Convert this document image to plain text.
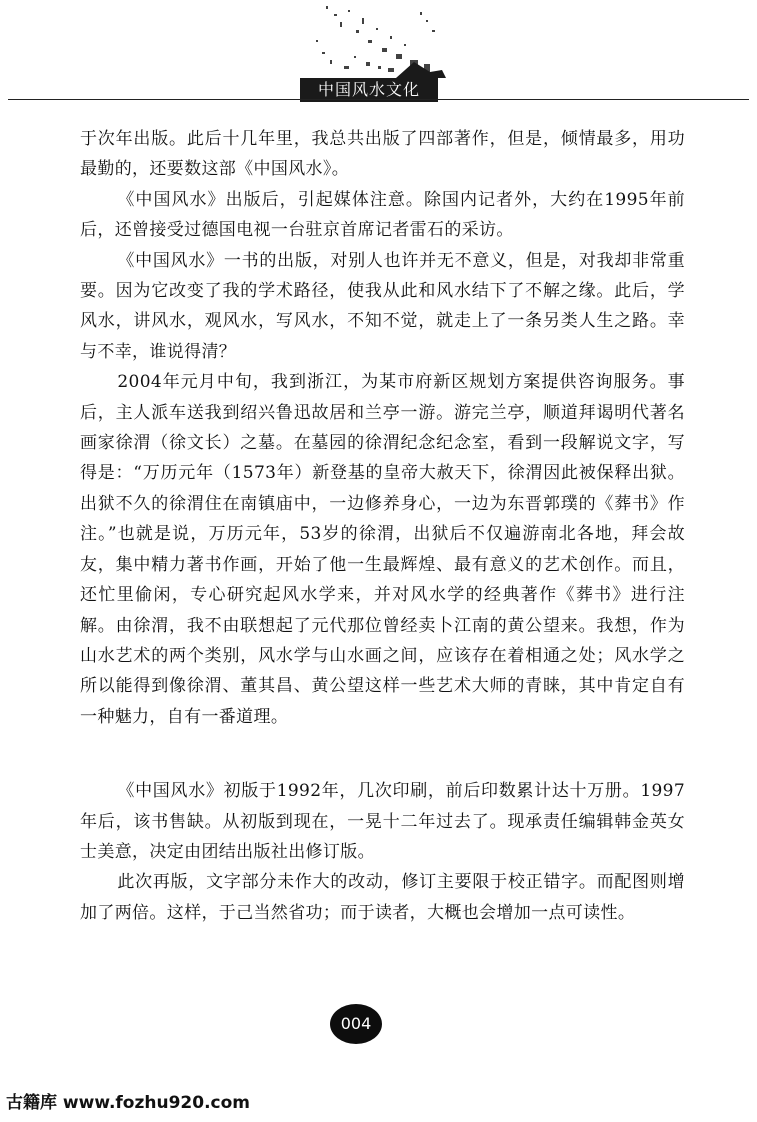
中国风水文化

于次年出版。此后十几年里，我总共出版了四部著作，但是，倾情最多，用功最勤的，还要数这部《中国风水》。

《中国风水》出版后，引起媒体注意。除国内记者外，大约在1995年前后，还曾接受过德国电视一台驻京首席记者雷石的采访。

《中国风水》一书的出版，对别人也许并无不意义，但是，对我却非常重要。因为它改变了我的学术路径，使我从此和风水结下了不解之缘。此后，学风水，讲风水，观风水，写风水，不知不觉，就走上了一条另类人生之路。幸与不幸，谁说得清？

2004年元月中旬，我到浙江，为某市府新区规划方案提供咨询服务。事后，主人派车送我到绍兴鲁迅故居和兰亭一游。游完兰亭，顺道拜谒明代著名画家徐渭（徐文长）之墓。在墓园的徐渭纪念纪念室，看到一段解说文字，写得是：“万历元年（1573年）新登基的皇帝大赦天下，徐渭因此被保释出狱。出狱不久的徐渭住在南镇庙中，一边修养身心，一边为东晋郭璞的《葬书》作注。”也就是说，万历元年，53岁的徐渭，出狱后不仅遍游南北各地，拜会故友，集中精力著书作画，开始了他一生最辉煌、最有意义的艺术创作。而且，还忙里偷闲，专心研究起风水学来，并对风水学的经典著作《葬书》进行注解。由徐渭，我不由联想起了元代那位曾经卖卜江南的黄公望来。我想，作为山水艺术的两个类别，风水学与山水画之间，应该存在着相通之处；风水学之所以能得到像徐渭、董其昌、黄公望这样一些艺术大师的青睐，其中肯定自有一种魅力，自有一番道理。

《中国风水》初版于1992年，几次印刷，前后印数累计达十万册。1997年后，该书售缺。从初版到现在，一晃十二年过去了。现承责任编辑韩金英女士美意，决定由团结出版社出修订版。

此次再版，文字部分未作大的改动，修订主要限于校正错字。而配图则增加了两倍。这样，于己当然省功；而于读者，大概也会增加一点可读性。

004
古籍库 www.fozhu920.com
